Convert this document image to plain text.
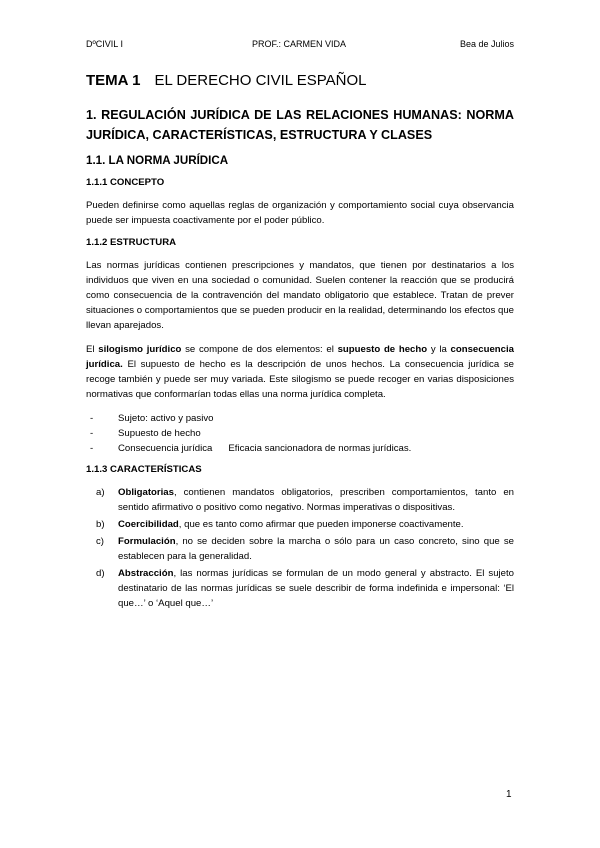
DºCIVIL I	PROF.: CARMEN VIDA	Bea de Julios
TEMA 1 EL DERECHO CIVIL ESPAÑOL
1. REGULACIÓN JURÍDICA DE LAS RELACIONES HUMANAS: NORMA JURÍDICA, CARACTERÍSTICAS, ESTRUCTURA Y CLASES
1.1. LA NORMA JURÍDICA
1.1.1 CONCEPTO

Pueden definirse como aquellas reglas de organización y comportamiento social cuya observancia puede ser impuesta coactivamente por el poder público.

1.1.2 ESTRUCTURA

Las normas jurídicas contienen prescripciones y mandatos, que tienen por destinatarios a los individuos que viven en una sociedad o comunidad. Suelen contener la reacción que se producirá como consecuencia de la contravención del mandato obligatorio que establece. Tratan de prever situaciones o comportamientos que se pueden producir en la realidad, determinando los efectos que llevan aparejados.

El silogismo jurídico se compone de dos elementos: el supuesto de hecho y la consecuencia jurídica. El supuesto de hecho es la descripción de unos hechos. La consecuencia jurídica se recoge también y puede ser muy variada. Este silogismo se puede recoger en varias disposiciones normativas que conformarían todas ellas una norma jurídica completa.

-	Sujeto: activo y pasivo
-	Supuesto de hecho
-	Consecuencia jurídica Eficacia sancionadora de normas jurídicas.
1.1.3 CARACTERÍSTICAS
a) Obligatorias, contienen mandatos obligatorios, prescriben comportamientos, tanto en sentido afirmativo o positivo como negativo. Normas imperativas o dispositivas.
b) Coercibilidad, que es tanto como afirmar que pueden imponerse coactivamente.
c) Formulación, no se deciden sobre la marcha o sólo para un caso concreto, sino que se establecen para la generalidad.
d) Abstracción, las normas jurídicas se formulan de un modo general y abstracto. El sujeto destinatario de las normas jurídicas se suele describir de forma indefinida e impersonal: ‘El que…’ o ‘Aquel que…’
1
